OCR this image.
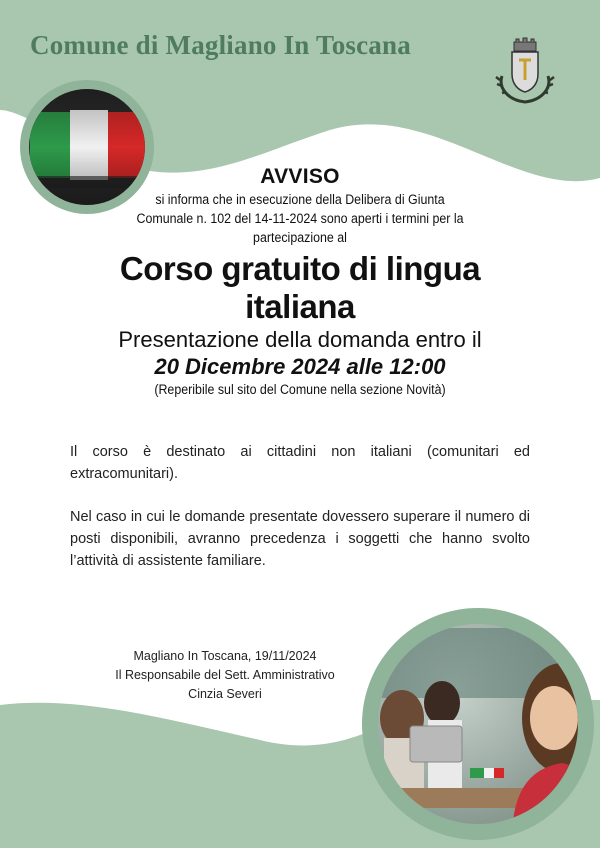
Comune di Magliano In Toscana
AVVISO
si informa che in esecuzione della Delibera di Giunta
Comunale n. 102 del 14-11-2024 sono aperti i termini per la
partecipazione al
Corso gratuito di lingua
italiana
Presentazione della domanda entro il
20 Dicembre 2024 alle 12:00
(Reperibile sul sito del Comune nella sezione Novità)
Il corso è destinato ai cittadini non italiani (comunitari ed extracomunitari).
Nel caso in cui le domande presentate dovessero superare il numero di posti disponibili, avranno precedenza i soggetti che hanno svolto l’attività di assistente familiare.
Magliano In Toscana, 19/11/2024
Il Responsabile del Sett. Amministrativo
Cinzia Severi
